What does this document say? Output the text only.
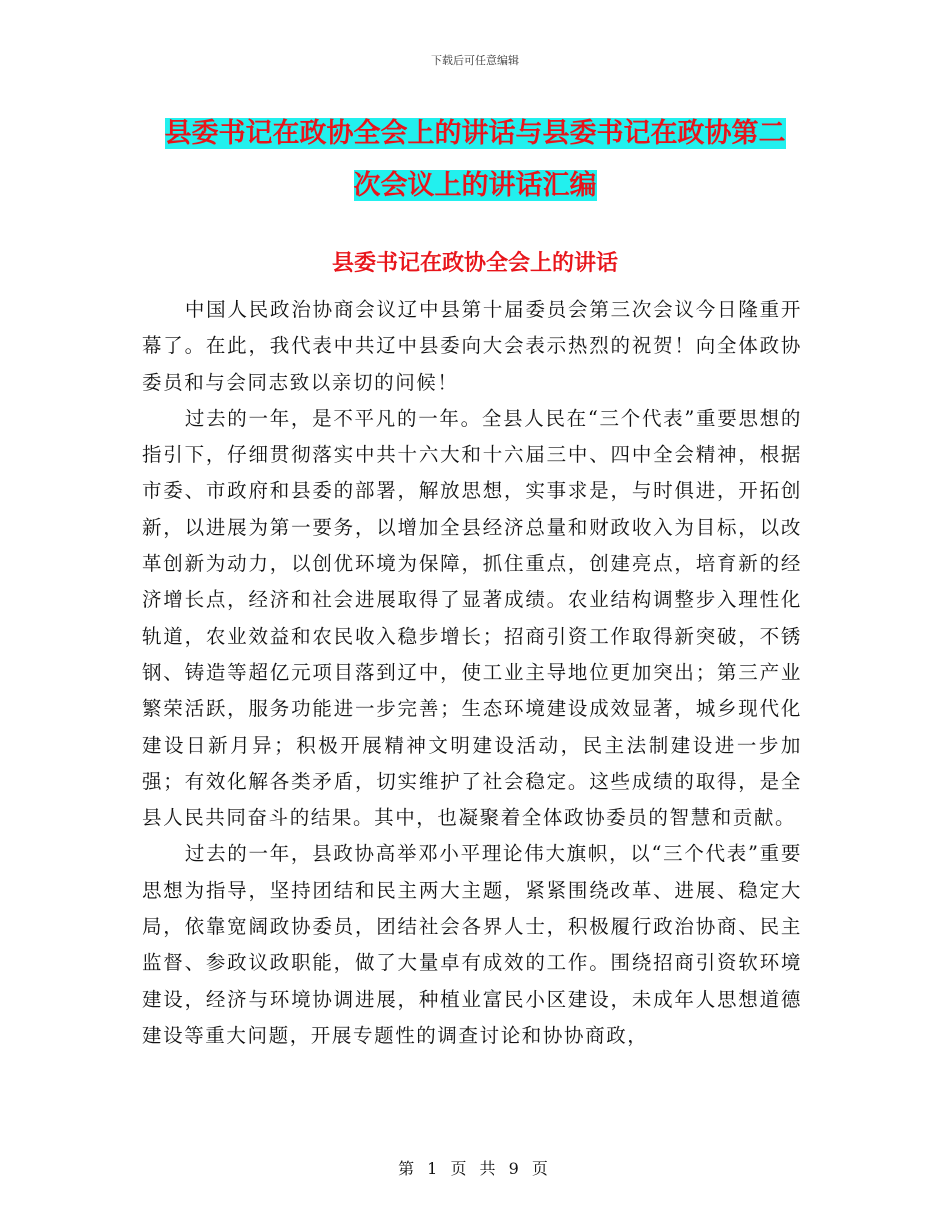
下载后可任意编辑
县委书记在政协全会上的讲话与县委书记在政协第二
次会议上的讲话汇编
县委书记在政协全会上的讲话

中国人民政治协商会议辽中县第十届委员会第三次会议今日隆重开幕了。在此，我代表中共辽中县委向大会表示热烈的祝贺！向全体政协委员和与会同志致以亲切的问候！

过去的一年，是不平凡的一年。全县人民在“三个代表”重要思想的指引下，仔细贯彻落实中共十六大和十六届三中、四中全会精神，根据市委、市政府和县委的部署，解放思想，实事求是，与时俱进，开拓创新，以进展为第一要务，以增加全县经济总量和财政收入为目标，以改革创新为动力，以创优环境为保障，抓住重点，创建亮点，培育新的经济增长点，经济和社会进展取得了显著成绩。农业结构调整步入理性化轨道，农业效益和农民收入稳步增长；招商引资工作取得新突破，不锈钢、铸造等超亿元项目落到辽中，使工业主导地位更加突出；第三产业繁荣活跃，服务功能进一步完善；生态环境建设成效显著，城乡现代化建设日新月异；积极开展精神文明建设活动，民主法制建设进一步加强；有效化解各类矛盾，切实维护了社会稳定。这些成绩的取得，是全县人民共同奋斗的结果。其中，也凝聚着全体政协委员的智慧和贡献。

过去的一年，县政协高举邓小平理论伟大旗帜，以“三个代表”重要思想为指导，坚持团结和民主两大主题，紧紧围绕改革、进展、稳定大局，依靠宽阔政协委员，团结社会各界人士，积极履行政治协商、民主监督、参政议政职能，做了大量卓有成效的工作。围绕招商引资软环境建设，经济与环境协调进展，种植业富民小区建设，未成年人思想道德建设等重大问题，开展专题性的调查讨论和协协商政，

第 1 页 共 9 页
